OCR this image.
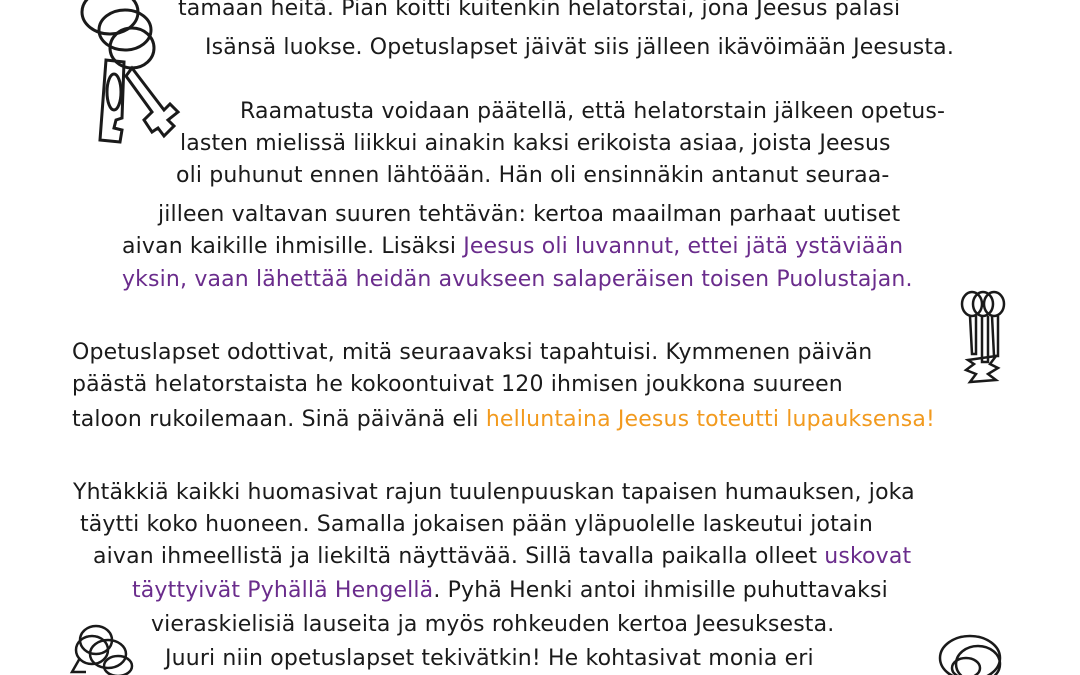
tamaan heitä. Pian koitti kuitenkin helatorstai, jona Jeesus palasi
Isänsä luokse. Opetuslapset jäivät siis jälleen ikävöimään Jeesusta.
Raamatusta voidaan päätellä, että helatorstain jälkeen opetus-
lasten mielissä liikkui ainakin kaksi erikoista asiaa, joista Jeesus
oli puhunut ennen lähtöään. Hän oli ensinnäkin antanut seuraa-
jilleen valtavan suuren tehtävän: kertoa maailman parhaat uutiset
aivan kaikille ihmisille. Lisäksi Jeesus oli luvannut, ettei jätä ystäviään
yksin, vaan lähettää heidän avukseen salaperäisen toisen Puolustajan.
Opetuslapset odottivat, mitä seuraavaksi tapahtuisi. Kymmenen päivän
päästä helatorstaista he kokoontuivat 120 ihmisen joukkona suureen
taloon rukoilemaan. Sinä päivänä eli helluntaina Jeesus toteutti lupauksensa!
Yhtäkkiä kaikki huomasivat rajun tuulenpuuskan tapaisen humauksen, joka
täytti koko huoneen. Samalla jokaisen pään yläpuolelle laskeutui jotain
aivan ihmeellistä ja liekiltä näyttävää. Sillä tavalla paikalla olleet uskovat
täyttyivät Pyhällä Hengellä. Pyhä Henki antoi ihmisille puhuttavaksi
vieraskielisiä lauseita ja myös rohkeuden kertoa Jeesuksesta.
Juuri niin opetuslapset tekivätkin! He kohtasivat monia eri
